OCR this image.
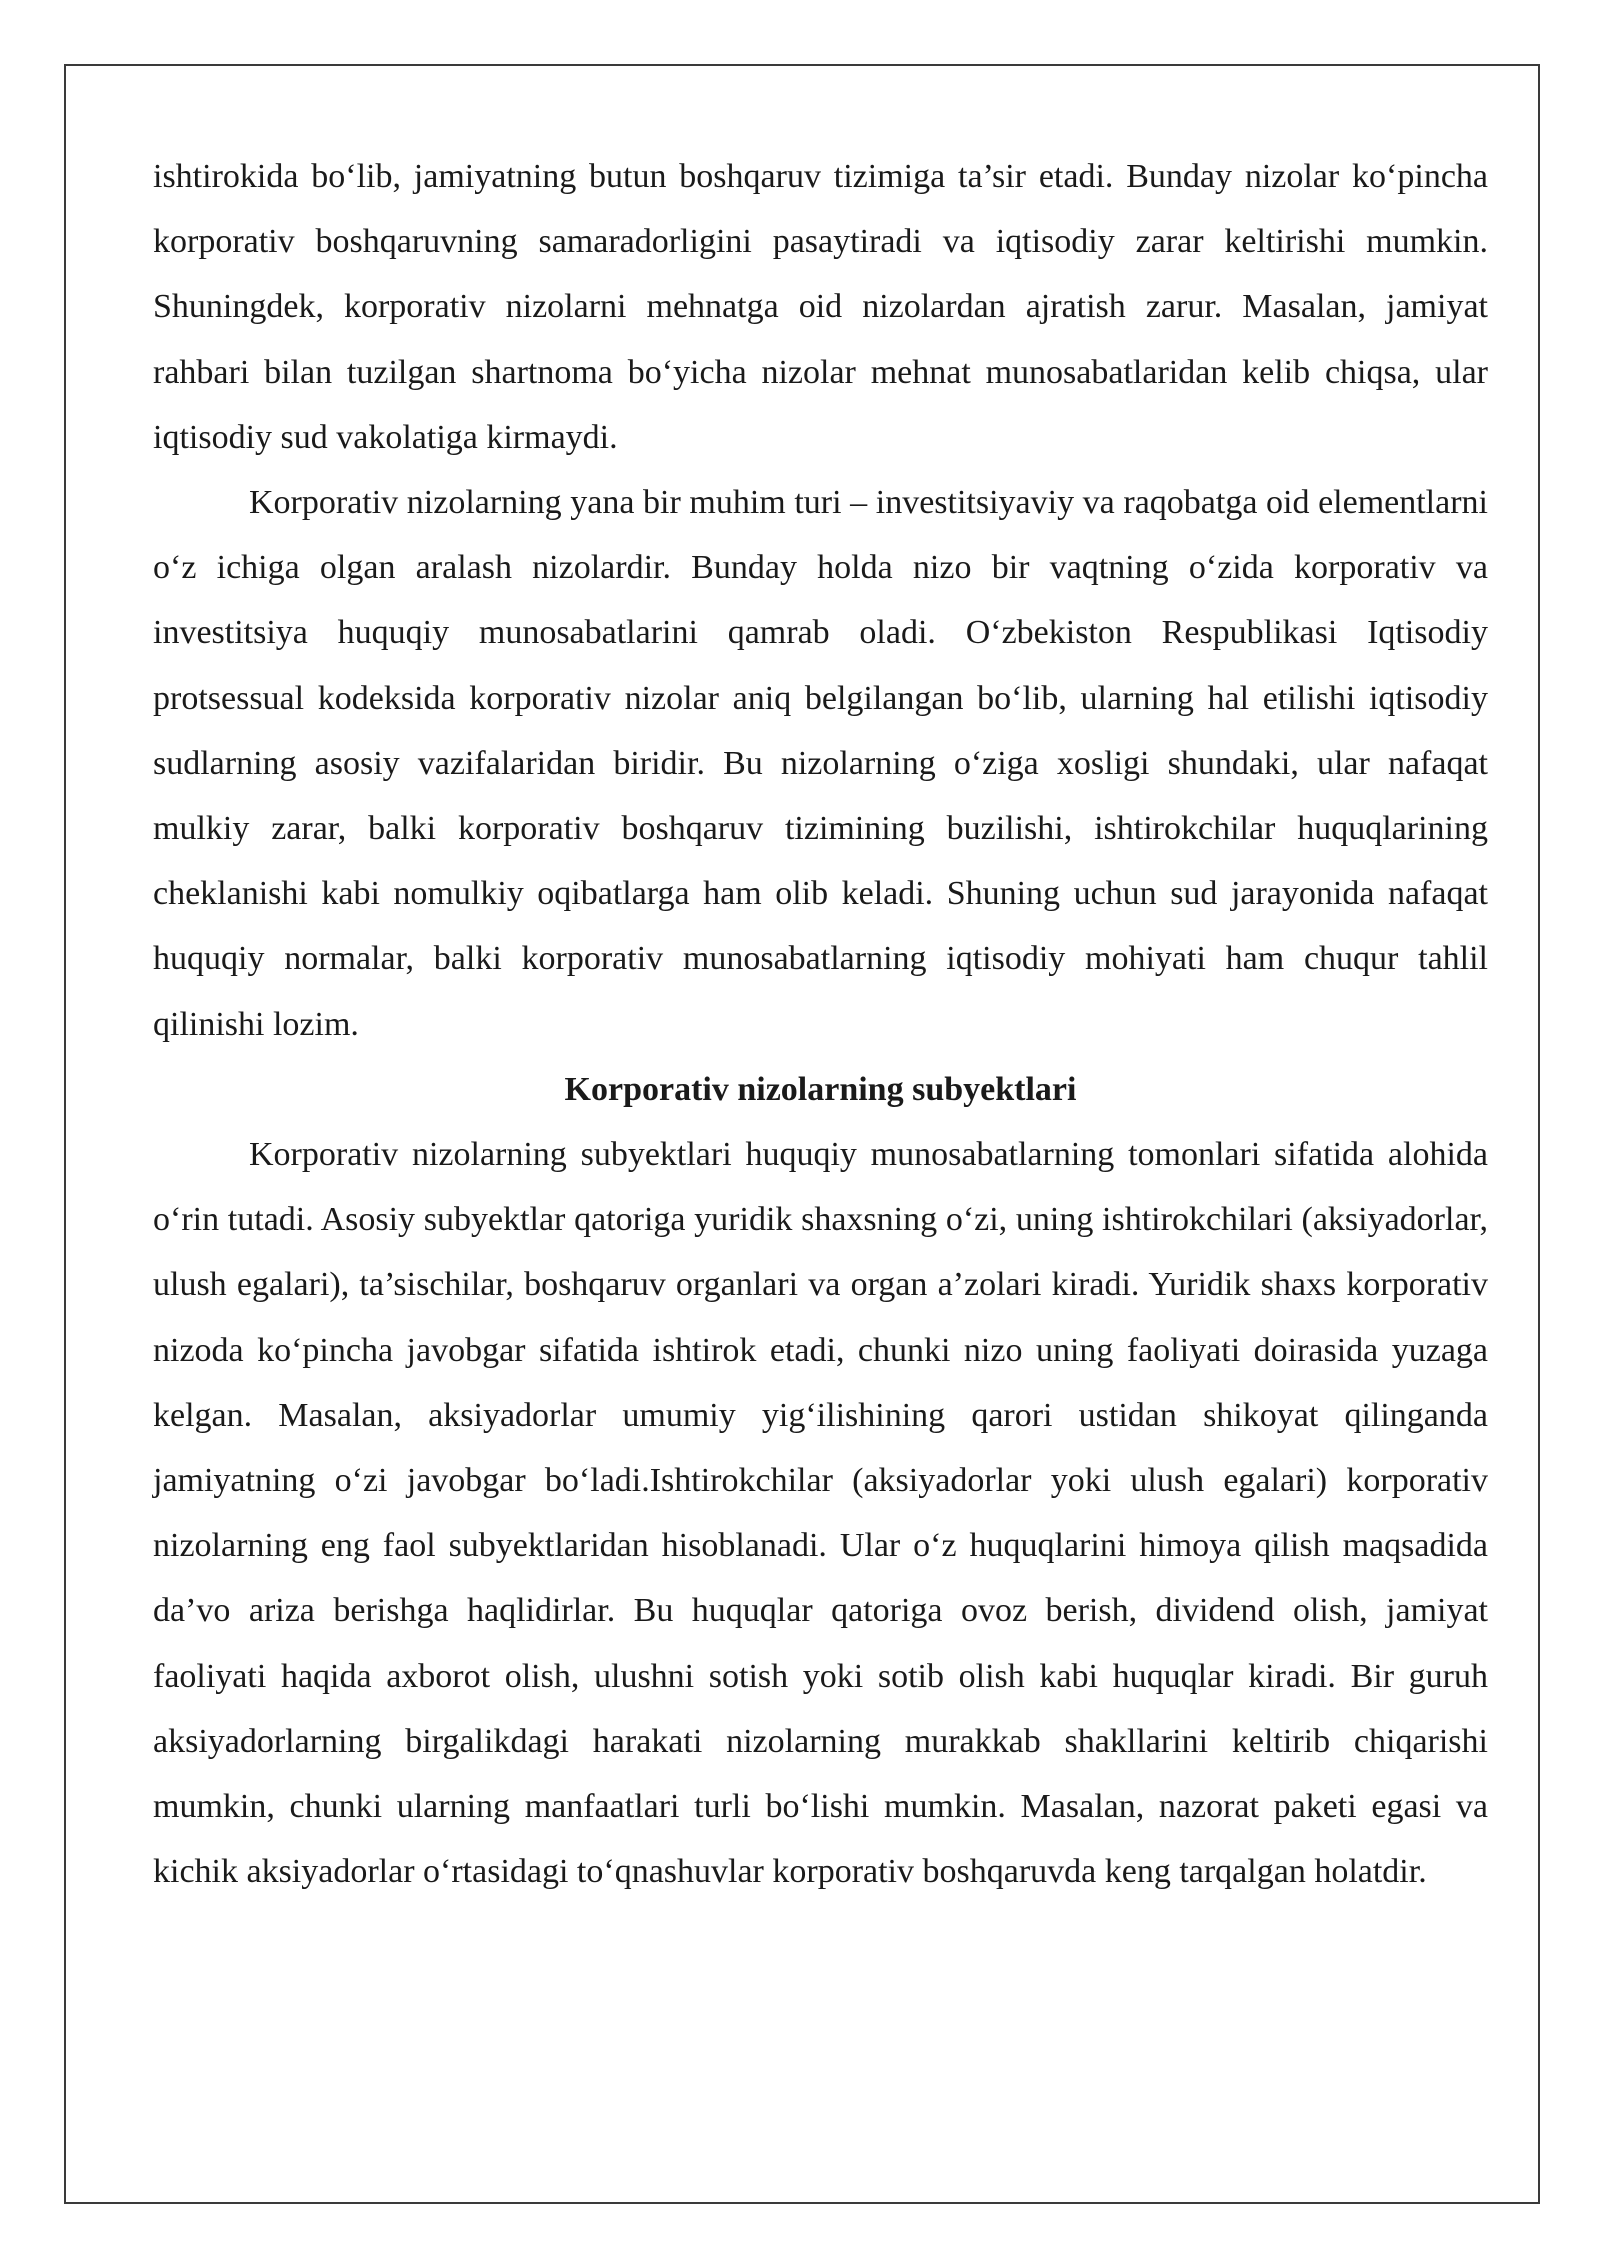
ishtirokida bo‘lib, jamiyatning butun boshqaruv tizimiga ta’sir etadi. Bunday nizolar ko‘pincha korporativ boshqaruvning samaradorligini pasaytiradi va iqtisodiy zarar keltirishi mumkin. Shuningdek, korporativ nizolarni mehnatga oid nizolardan ajratish zarur. Masalan, jamiyat rahbari bilan tuzilgan shartnoma bo‘yicha nizolar mehnat munosabatlaridan kelib chiqsa, ular iqtisodiy sud vakolatiga kirmaydi.

Korporativ nizolarning yana bir muhim turi – investitsiyaviy va raqobatga oid elementlarni o‘z ichiga olgan aralash nizolardir. Bunday holda nizo bir vaqtning o‘zida korporativ va investitsiya huquqiy munosabatlarini qamrab oladi. O‘zbekiston Respublikasi Iqtisodiy protsessual kodeksida korporativ nizolar aniq belgilangan bo‘lib, ularning hal etilishi iqtisodiy sudlarning asosiy vazifalaridan biridir. Bu nizolarning o‘ziga xosligi shundaki, ular nafaqat mulkiy zarar, balki korporativ boshqaruv tizimining buzilishi, ishtirokchilar huquqlarining cheklanishi kabi nomulkiy oqibatlarga ham olib keladi. Shuning uchun sud jarayonida nafaqat huquqiy normalar, balki korporativ munosabatlarning iqtisodiy mohiyati ham chuqur tahlil qilinishi lozim.

Korporativ nizolarning subyektlari

Korporativ nizolarning subyektlari huquqiy munosabatlarning tomonlari sifatida alohida o‘rin tutadi. Asosiy subyektlar qatoriga yuridik shaxsning o‘zi, uning ishtirokchilari (aksiyadorlar, ulush egalari), ta’sischilar, boshqaruv organlari va organ a’zolari kiradi. Yuridik shaxs korporativ nizoda ko‘pincha javobgar sifatida ishtirok etadi, chunki nizo uning faoliyati doirasida yuzaga kelgan. Masalan, aksiyadorlar umumiy yig‘ilishining qarori ustidan shikoyat qilinganda jamiyatning o‘zi javobgar bo‘ladi.Ishtirokchilar (aksiyadorlar yoki ulush egalari) korporativ nizolarning eng faol subyektlaridan hisoblanadi. Ular o‘z huquqlarini himoya qilish maqsadida da’vo ariza berishga haqlidirlar. Bu huquqlar qatoriga ovoz berish, dividend olish, jamiyat faoliyati haqida axborot olish, ulushni sotish yoki sotib olish kabi huquqlar kiradi. Bir guruh aksiyadorlarning birgalikdagi harakati nizolarning murakkab shakllarini keltirib chiqarishi mumkin, chunki ularning manfaatlari turli bo‘lishi mumkin. Masalan, nazorat paketi egasi va kichik aksiyadorlar o‘rtasidagi to‘qnashuvlar korporativ boshqaruvda keng tarqalgan holatdir.
